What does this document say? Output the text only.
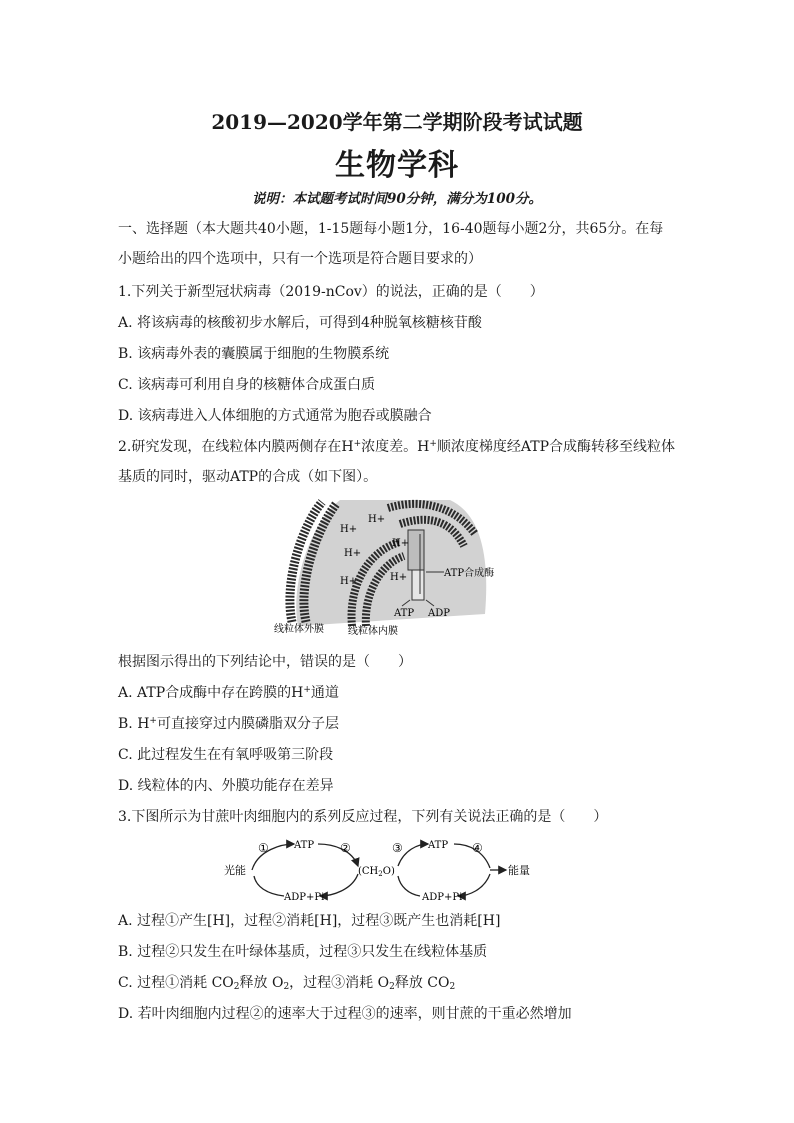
2019—2020学年第二学期阶段考试试题
生物学科
说明：本试题考试时间90分钟，满分为100分。
一、选择题（本大题共40小题，1-15题每小题1分，16-40题每小题2分，共65分。在每
小题给出的四个选项中，只有一个选项是符合题目要求的）
1.下列关于新型冠状病毒（2019-nCov）的说法，正确的是（　　）
A. 将该病毒的核酸初步水解后，可得到4种脱氧核糖核苷酸
B. 该病毒外表的囊膜属于细胞的生物膜系统
C. 该病毒可利用自身的核糖体合成蛋白质
D. 该病毒进入人体细胞的方式通常为胞吞或膜融合
2.研究发现，在线粒体内膜两侧存在H+浓度差。H+顺浓度梯度经ATP合成酶转移至线粒体
基质的同时，驱动ATP的合成（如下图）。
H+
H+
H+
H+
H+
H+	ATP合成酶
ATP ADP
线粒体外膜 线粒体内膜
根据图示得出的下列结论中，错误的是（　　）
A. ATP合成酶中存在跨膜的H+通道
B. H+可直接穿过内膜磷脂双分子层
C. 此过程发生在有氧呼吸第三阶段
D. 线粒体的内、外膜功能存在差异
3.下图所示为甘蔗叶肉细胞内的系列反应过程，下列有关说法正确的是（　　）
光能
ATP
ADP+Pi
①	②
$(CH_2O)$
ATP
能量
ADP+Pi
③	④
A. 过程①产生[H]，过程②消耗[H]，过程③既产生也消耗[H]
B. 过程②只发生在叶绿体基质，过程③只发生在线粒体基质
C. 过程①消耗 $CO_2$释放 $O_2$，过程③消耗 $O_2$释放 $CO_2$
D. 若叶肉细胞内过程②的速率大于过程③的速率，则甘蔗的干重必然增加
